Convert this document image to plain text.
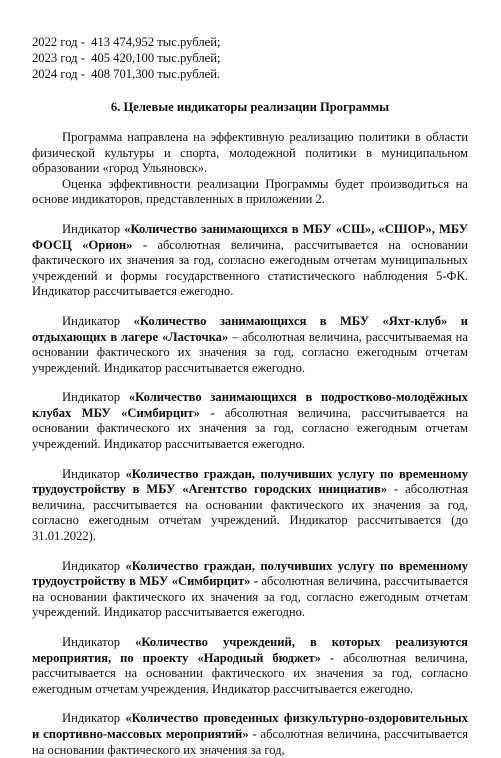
2022 год - 413 474,952 тыс.рублей;
2023 год - 405 420,100 тыс.рублей;
2024 год - 408 701,300 тыс.рублей.
6. Целевые индикаторы реализации Программы

Программа направлена на эффективную реализацию политики в области физической культуры и спорта, молодежной политики в муниципальном образовании «город Ульяновск».

Оценка эффективности реализации Программы будет производиться на основе индикаторов, представленных в приложении 2.

Индикатор «Количество занимающихся в МБУ «СШ», «СШОР», МБУ ФОСЦ «Орион» - абсолютная величина, рассчитывается на основании фактического их значения за год, согласно ежегодным отчетам муниципальных учреждений и формы государственного статистического наблюдения 5-ФК. Индикатор рассчитывается ежегодно.

Индикатор «Количество занимающихся в МБУ «Яхт-клуб» и отдыхающих в лагере «Ласточка» – абсолютная величина, рассчитываемая на основании фактического их значения за год, согласно ежегодным отчетам учреждений. Индикатор рассчитывается ежегодно.

Индикатор «Количество занимающихся в подростково-молодёжных клубах МБУ «Симбирцит» - абсолютная величина, рассчитывается на основании фактического их значения за год, согласно ежегодным отчетам учреждений. Индикатор рассчитывается ежегодно.

Индикатор «Количество граждан, получивших услугу по временному трудоустройству в МБУ «Агентство городских инициатив» - абсолютная величина, рассчитывается на основании фактического их значения за год, согласно ежегодным отчетам учреждений. Индикатор рассчитывается (до 31.01.2022).

Индикатор «Количество граждан, получивших услугу по временному трудоустройству в МБУ «Симбирцит» - абсолютная величина, рассчитывается на основании фактического их значения за год, согласно ежегодным отчетам учреждений. Индикатор рассчитывается ежегодно.

Индикатор «Количество учреждений, в которых реализуются мероприятия, по проекту «Народный бюджет» - абсолютная величина, рассчитывается на основании фактического их значения за год, согласно ежегодным отчетам учреждения. Индикатор рассчитывается ежегодно.

Индикатор «Количество проведенных физкультурно-оздоровительных и спортивно-массовых мероприятий» - абсолютная величина, рассчитывается на основании фактического их значения за год,
